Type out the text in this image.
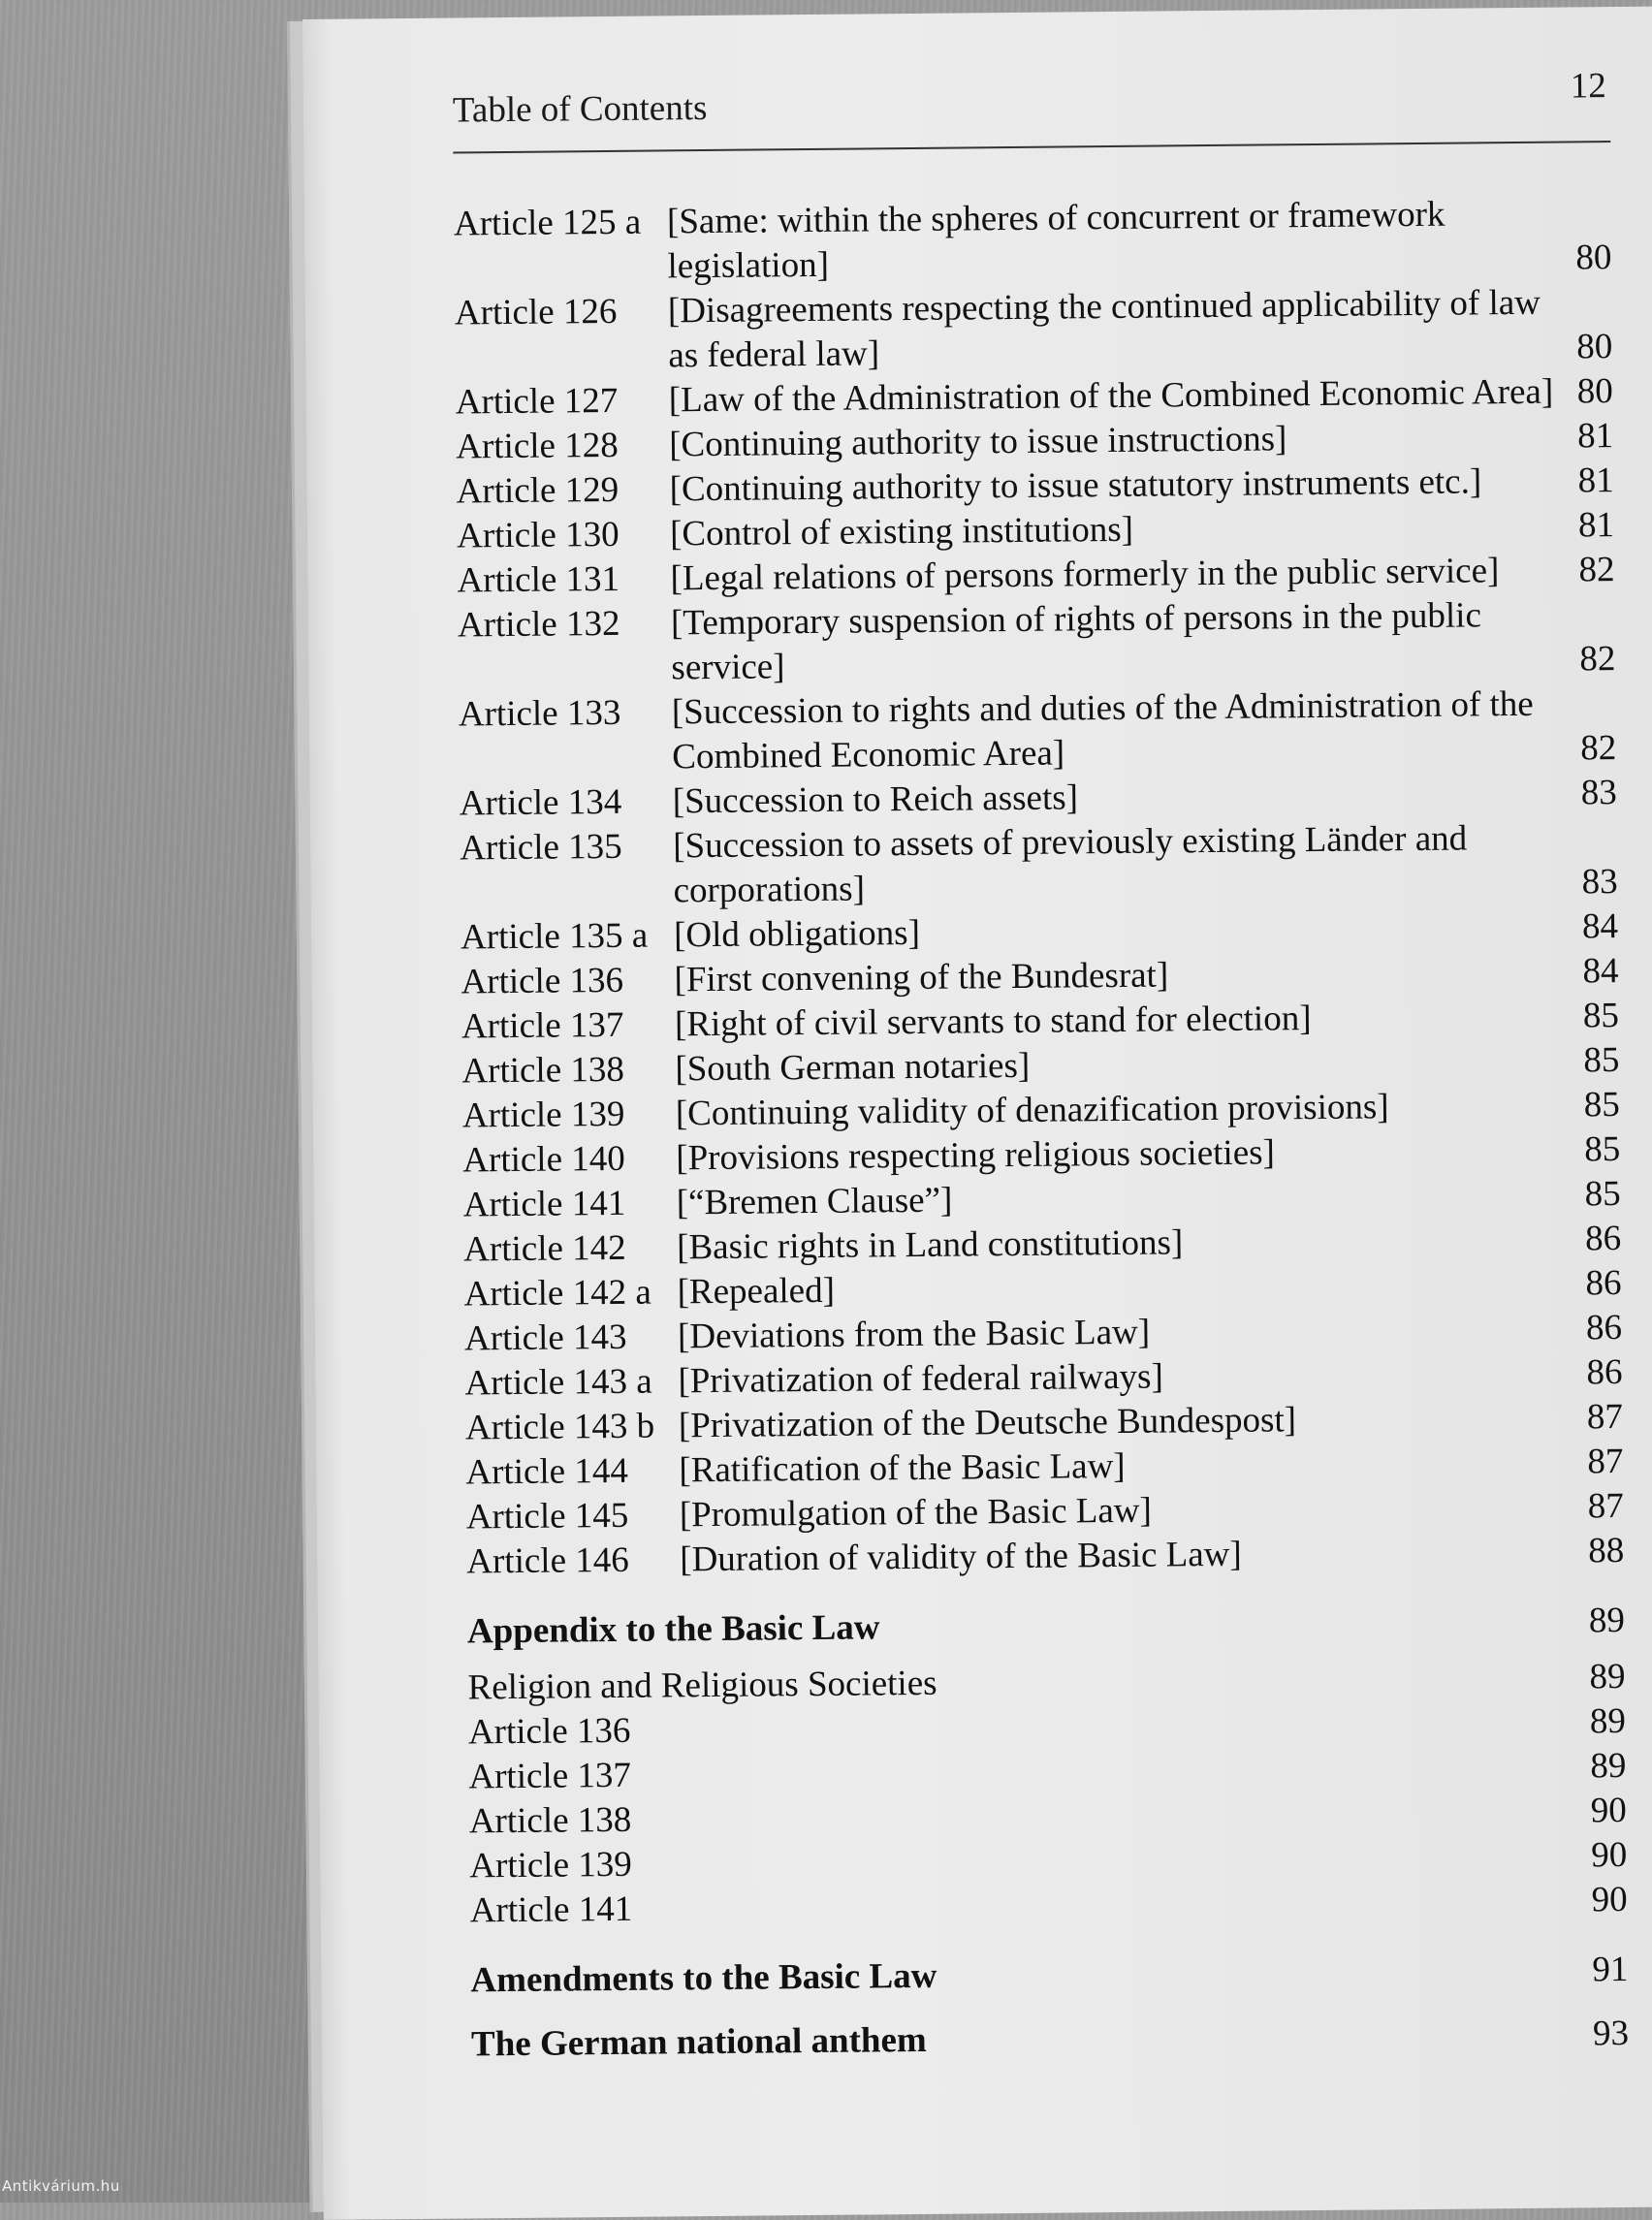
Table of Contents
12
Article 125 a [Same: within the spheres of concurrent or framework legislation]	80
Article 126	[Disagreements respecting the continued applicability of law as federal law]	80
Article 127	[Law of the Administration of the Combined Economic Area] 80
Article 128	[Continuing authority to issue instructions]	81
Article 129	[Continuing authority to issue statutory instruments etc.]	81
Article 130	[Control of existing institutions]	81
Article 131	[Legal relations of persons formerly in the public service]	82
Article 132	[Temporary suspension of rights of persons in the public service]	82
Article 133	[Succession to rights and duties of the Administration of the Combined Economic Area]	82
Article 134	[Succession to Reich assets]	83
Article 135	[Succession to assets of previously existing Länder and corporations]	83
Article 135 a [Old obligations]	84
Article 136	[First convening of the Bundesrat]	84
Article 137	[Right of civil servants to stand for election]	85
Article 138	[South German notaries]	85
Article 139	[Continuing validity of denazification provisions]	85
Article 140	[Provisions respecting religious societies]	85
Article 141	[“Bremen Clause”]	85
Article 142	[Basic rights in Land constitutions]	86
Article 142 a [Repealed]	86
Article 143	[Deviations from the Basic Law]	86
Article 143 a [Privatization of federal railways]	86
Article 143 b [Privatization of the Deutsche Bundespost]	87
Article 144	[Ratification of the Basic Law]	87
Article 145	[Promulgation of the Basic Law]	87
Article 146	[Duration of validity of the Basic Law]	88
Appendix to the Basic Law	89
Religion and Religious Societies	89
Article 136	89
Article 137	89
Article 138	90
Article 139	90
Article 141	90
Amendments to the Basic Law	91
The German national anthem	93
Antikvárium.hu
